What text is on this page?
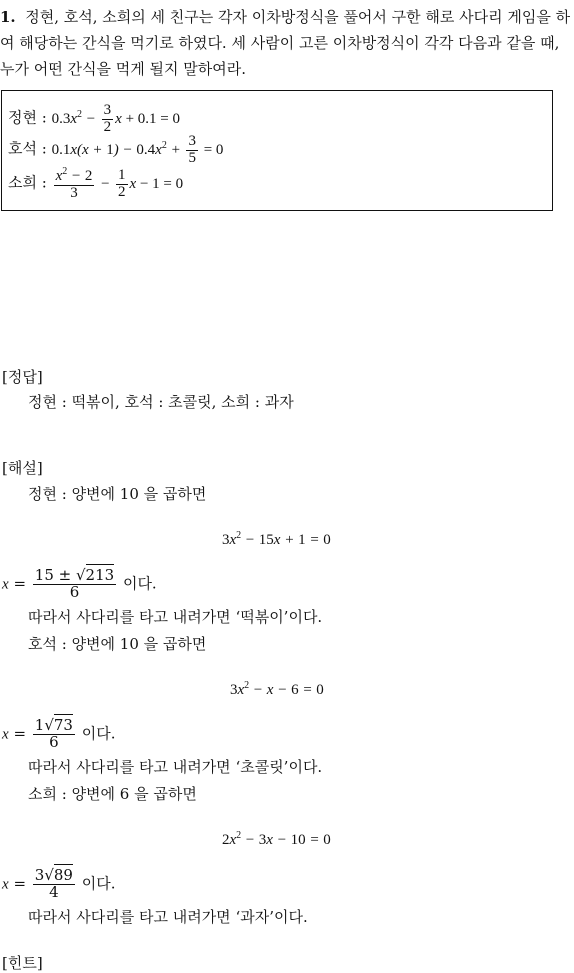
1. 정현, 호석, 소희의 세 친구는 각자 이차방정식을 풀어서 구한 해로 사다리 게임을 하여 해당하는 간식을 먹기로 하였다. 세 사람이 고른 이차방정식이 각각 다음과 같을 때, 누가 어떤 간식을 먹게 될지 말하여라.
정현 : $0.3x^2 - \frac{3}{2}$ x + 0.1 = 0
호석 : $0.1x(x + 1) - 0.4x^2 + \frac{3}{5} = 0$
소희 : $\frac{x^2 - 2}{3} - \frac{1}{2}$ x − 1 = 0
[정답]
정현 : 떡볶이, 호석 : 초콜릿, 소희 : 과자
[해설]
정현 : 양변에 10 을 곱하면
$3x^2 - 15x + 1 = 0$
$x = \frac{15 \pm √213}{6}$ 이다.
따라서 사다리를 타고 내려가면 ‘떡볶이’이다.
호석 : 양변에 10 을 곱하면
$3x^2 - x - 6 = 0$
$x = \frac{1√73}{6}$ 이다.
따라서 사다리를 타고 내려가면 ‘초콜릿’이다.
소희 : 양변에 6 을 곱하면
$2x^2 - 3x - 10 = 0$
$x = \frac{3√89}{4}$ 이다.
따라서 사다리를 타고 내려가면 ‘과자’이다.
[힌트]
